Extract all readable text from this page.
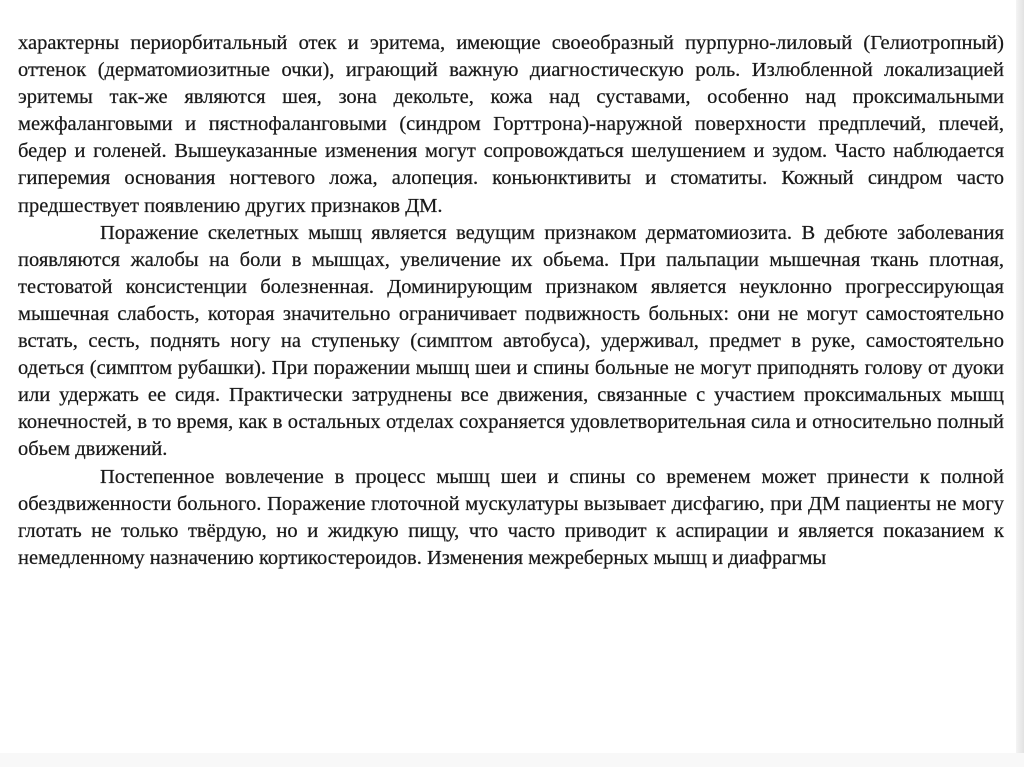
характерны периорбитальный отек и эритема, имеющие своеобразный пурпурно-лиловый (Гелиотропный) оттенок (дерматомиозитные очки), играющий важную диагностическую роль. Излюбленной локализацией эритемы так-же являются шея, зона декольте, кожа над суставами, особенно над проксимальными межфаланговыми и пястнофаланговыми (синдром Горттрона)-наружной поверхности предплечий, плечей, бедер и голеней. Вышеуказанные изменения могут сопровождаться шелушением и зудом. Часто наблюдается гиперемия основания ногтевого ложа, алопеция. коньюнктивиты и стоматиты. Кожный синдром часто предшествует появлению других признаков ДМ.

Поражение скелетных мышц является ведущим признаком дерматомиозита. В дебюте заболевания появляются жалобы на боли в мышцах, увеличение их обьема. При пальпации мышечная ткань плотная, тестоватой консистенции болезненная. Доминирующим признаком является неуклонно прогрессирующая мышечная слабость, которая значительно ограничивает подвижность больных: они не могут самостоятельно встать, сесть, поднять ногу на ступеньку (симптом автобуса), удерживал, предмет в руке, самостоятельно одеться (симптом рубашки). При поражении мышц шеи и спины больные не могут приподнять голову от дуоки или удержать ее сидя. Практически затруднены все движения, связанные с участием проксимальных мышц конечностей, в то время, как в остальных отделах сохраняется удовлетворительная сила и относительно полный обьем движений.

Постепенное вовлечение в процесс мышц шеи и спины со временем может принести к полной обездвиженности больного. Поражение глоточной мускулатуры вызывает дисфагию, при ДМ пациенты не могу глотать не только твёрдую, но и жидкую пищу, что часто приводит к аспирации и является показанием к немедленному назначению кортикостероидов. Изменения межреберных мышц и диафрагмы
